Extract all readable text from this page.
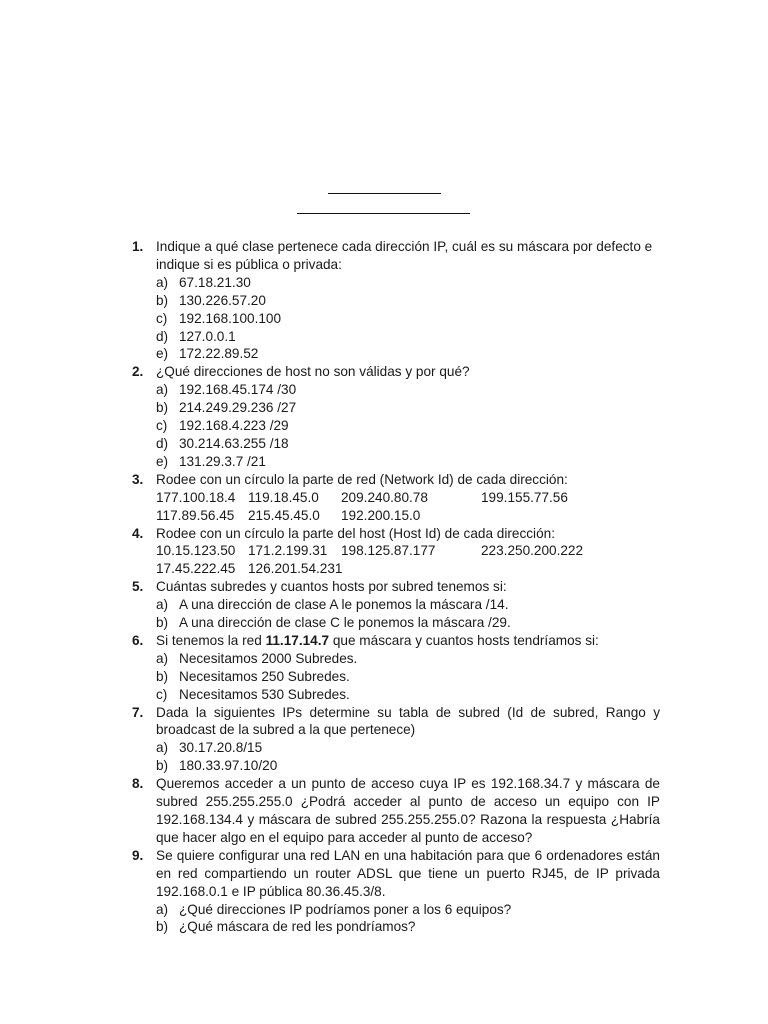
1. Indique a qué clase pertenece cada dirección IP, cuál es su máscara por defecto e indique si es pública o privada:
a) 67.18.21.30
b) 130.226.57.20
c) 192.168.100.100
d) 127.0.0.1
e) 172.22.89.52
2. ¿Qué direcciones de host no son válidas y por qué?
a) 192.168.45.174 /30
b) 214.249.29.236 /27
c) 192.168.4.223 /29
d) 30.214.63.255 /18
e) 131.29.3.7 /21
3. Rodee con un círculo la parte de red (Network Id) de cada dirección:
177.100.18.4 119.18.45.0 209.240.80.78	199.155.77.56
117.89.56.45 215.45.45.0 192.200.15.0
4. Rodee con un círculo la parte del host (Host Id) de cada dirección:
10.15.123.50 171.2.199.31 198.125.87.177	223.250.200.222
17.45.222.45 126.201.54.231
5. Cuántas subredes y cuantos hosts por subred tenemos si:
a) A una dirección de clase A le ponemos la máscara /14.
b) A una dirección de clase C le ponemos la máscara /29.
6. Si tenemos la red 11.17.14.7 que máscara y cuantos hosts tendríamos si:
a) Necesitamos 2000 Subredes.
b) Necesitamos 250 Subredes.
c) Necesitamos 530 Subredes.
7. Dada la siguientes IPs determine su tabla de subred (Id de subred, Rango y broadcast de la subred a la que pertenece)
a) 30.17.20.8/15
b) 180.33.97.10/20
8. Queremos acceder a un punto de acceso cuya IP es 192.168.34.7 y máscara de subred 255.255.255.0 ¿Podrá acceder al punto de acceso un equipo con IP 192.168.134.4 y máscara de subred 255.255.255.0? Razona la respuesta ¿Habría que hacer algo en el equipo para acceder al punto de acceso?
9. Se quiere configurar una red LAN en una habitación para que 6 ordenadores están en red compartiendo un router ADSL que tiene un puerto RJ45, de IP privada 192.168.0.1 e IP pública 80.36.45.3/8.
a) ¿Qué direcciones IP podríamos poner a los 6 equipos?
b) ¿Qué máscara de red les pondríamos?
